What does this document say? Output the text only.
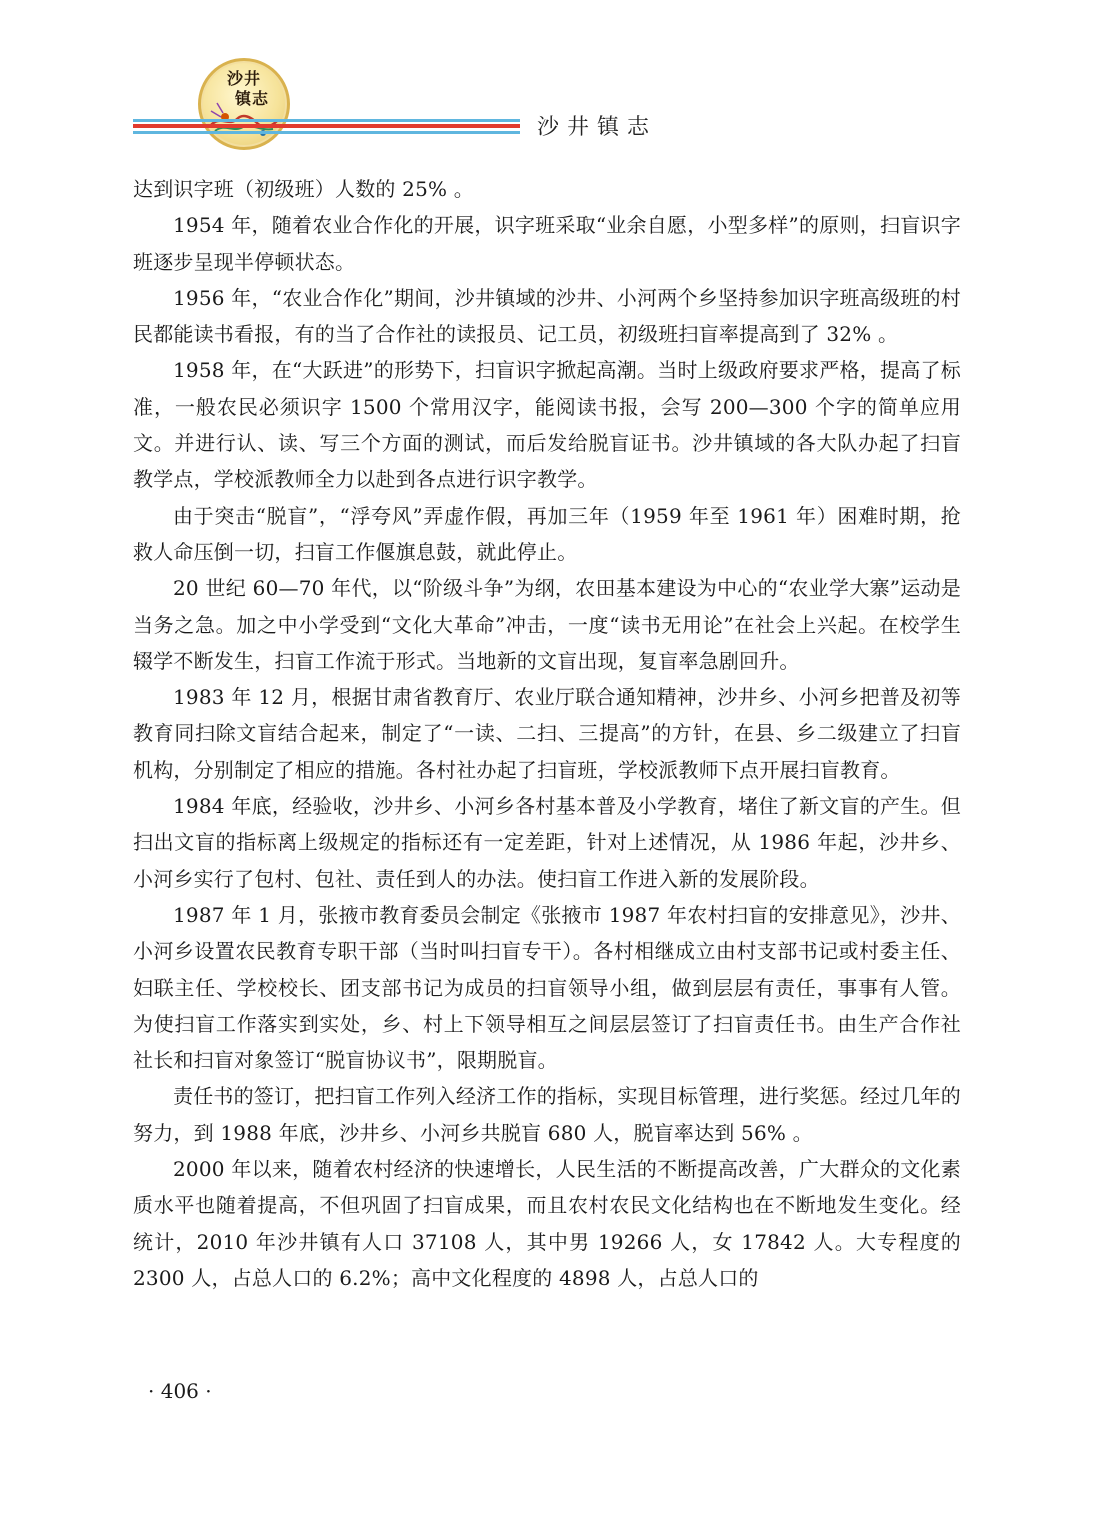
沙井
镇志
沙井镇志

达到识字班（初级班）人数的 25% 。

1954 年，随着农业合作化的开展，识字班采取“业余自愿，小型多样”的原则，扫盲识字班逐步呈现半停顿状态。

1956 年，“农业合作化”期间，沙井镇域的沙井、小河两个乡坚持参加识字班高级班的村民都能读书看报，有的当了合作社的读报员、记工员，初级班扫盲率提高到了 32% 。

1958 年，在“大跃进”的形势下，扫盲识字掀起高潮。当时上级政府要求严格，提高了标准，一般农民必须识字 1500 个常用汉字，能阅读书报，会写 200—300 个字的简单应用文。并进行认、读、写三个方面的测试，而后发给脱盲证书。沙井镇域的各大队办起了扫盲教学点，学校派教师全力以赴到各点进行识字教学。

由于突击“脱盲”，“浮夸风”弄虚作假，再加三年（1959 年至 1961 年）困难时期，抢救人命压倒一切，扫盲工作偃旗息鼓，就此停止。

20 世纪 60—70 年代，以“阶级斗争”为纲，农田基本建设为中心的“农业学大寨”运动是当务之急。加之中小学受到“文化大革命”冲击，一度“读书无用论”在社会上兴起。在校学生辍学不断发生，扫盲工作流于形式。当地新的文盲出现，复盲率急剧回升。

1983 年 12 月，根据甘肃省教育厅、农业厅联合通知精神，沙井乡、小河乡把普及初等教育同扫除文盲结合起来，制定了“一读、二扫、三提高”的方针，在县、乡二级建立了扫盲机构，分别制定了相应的措施。各村社办起了扫盲班，学校派教师下点开展扫盲教育。

1984 年底，经验收，沙井乡、小河乡各村基本普及小学教育，堵住了新文盲的产生。但扫出文盲的指标离上级规定的指标还有一定差距，针对上述情况，从 1986 年起，沙井乡、小河乡实行了包村、包社、责任到人的办法。使扫盲工作进入新的发展阶段。

1987 年 1 月，张掖市教育委员会制定《张掖市 1987 年农村扫盲的安排意见》，沙井、小河乡设置农民教育专职干部（当时叫扫盲专干）。各村相继成立由村支部书记或村委主任、妇联主任、学校校长、团支部书记为成员的扫盲领导小组，做到层层有责任，事事有人管。为使扫盲工作落实到实处，乡、村上下领导相互之间层层签订了扫盲责任书。由生产合作社社长和扫盲对象签订“脱盲协议书”，限期脱盲。

责任书的签订，把扫盲工作列入经济工作的指标，实现目标管理，进行奖惩。经过几年的努力，到 1988 年底，沙井乡、小河乡共脱盲 680 人，脱盲率达到 56% 。

2000 年以来，随着农村经济的快速增长，人民生活的不断提高改善，广大群众的文化素质水平也随着提高，不但巩固了扫盲成果，而且农村农民文化结构也在不断地发生变化。经统计，2010 年沙井镇有人口 37108 人，其中男 19266 人，女 17842 人。大专程度的 2300 人，占总人口的 6.2%；高中文化程度的 4898 人，占总人口的

· 406 ·
